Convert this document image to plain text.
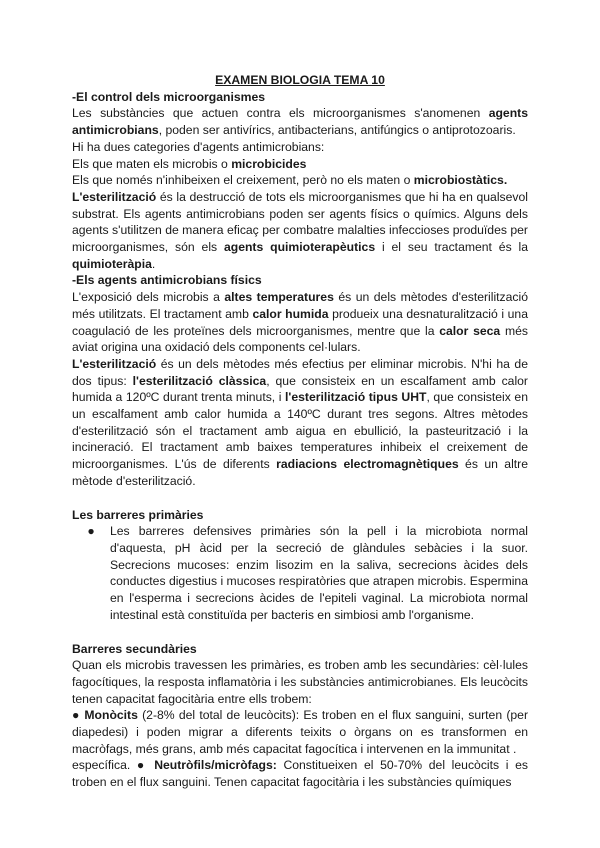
EXAMEN BIOLOGIA TEMA 10

-El control dels microorganismes

Les substàncies que actuen contra els microorganismes s'anomenen agents antimicrobians, poden ser antivírics, antibacterians, antifúngics o antiprotozoaris.

Hi ha dues categories d'agents antimicrobians:

Els que maten els microbis o microbicides

Els que només n'inhibeixen el creixement, però no els maten o microbiostàtics.

L'esterilització és la destrucció de tots els microorganismes que hi ha en qualsevol substrat. Els agents antimicrobians poden ser agents físics o químics. Alguns dels agents s'utilitzen de manera eficaç per combatre malalties infeccioses produïdes per microorganismes, són els agents quimioterapèutics i el seu tractament és la quimioteràpia.

-Els agents antimicrobians físics

L'exposició dels microbis a altes temperatures és un dels mètodes d'esterilització més utilitzats. El tractament amb calor humida produeix una desnaturalització i una coagulació de les proteïnes dels microorganismes, mentre que la calor seca més aviat origina una oxidació dels components cel·lulars.

L'esterilització és un dels mètodes més efectius per eliminar microbis. N'hi ha de dos tipus: l'esterilització clàssica, que consisteix en un escalfament amb calor humida a 120ºC durant trenta minuts, i l'esterilització tipus UHT, que consisteix en un escalfament amb calor humida a 140ºC durant tres segons. Altres mètodes d'esterilització són el tractament amb aigua en ebullició, la pasteurització i la incineració. El tractament amb baixes temperatures inhibeix el creixement de microorganismes. L'ús de diferents radiacions electromagnètiques és un altre mètode d'esterilització.

Les barreres primàries

●	Les barreres defensives primàries són la pell i la microbiota normal d'aquesta, pH àcid per la secreció de glàndules sebàcies i la suor. Secrecions mucoses: enzim lisozim en la saliva, secrecions àcides dels conductes digestius i mucoses respiratòries que atrapen microbis. Espermina en l'esperma i secrecions àcides de l'epiteli vaginal. La microbiota normal intestinal està constituïda per bacteris en simbiosi amb l'organisme.

Barreres secundàries

Quan els microbis travessen les primàries, es troben amb les secundàries: cèl·lules fagocítiques, la resposta inflamatòria i les substàncies antimicrobianes. Els leucòcits tenen capacitat fagocitària entre ells trobem:

● Monòcits (2-8% del total de leucòcits): Es troben en el flux sanguini, surten (per diapedesi) i poden migrar a diferents teixits o òrgans on es transformen en macròfags, més grans, amb més capacitat fagocítica i intervenen en la immunitat .

específica. ● Neutròfils/micròfags: Constitueixen el 50-70% del leucòcits i es troben en el flux sanguini. Tenen capacitat fagocitària i les substàncies químiques
